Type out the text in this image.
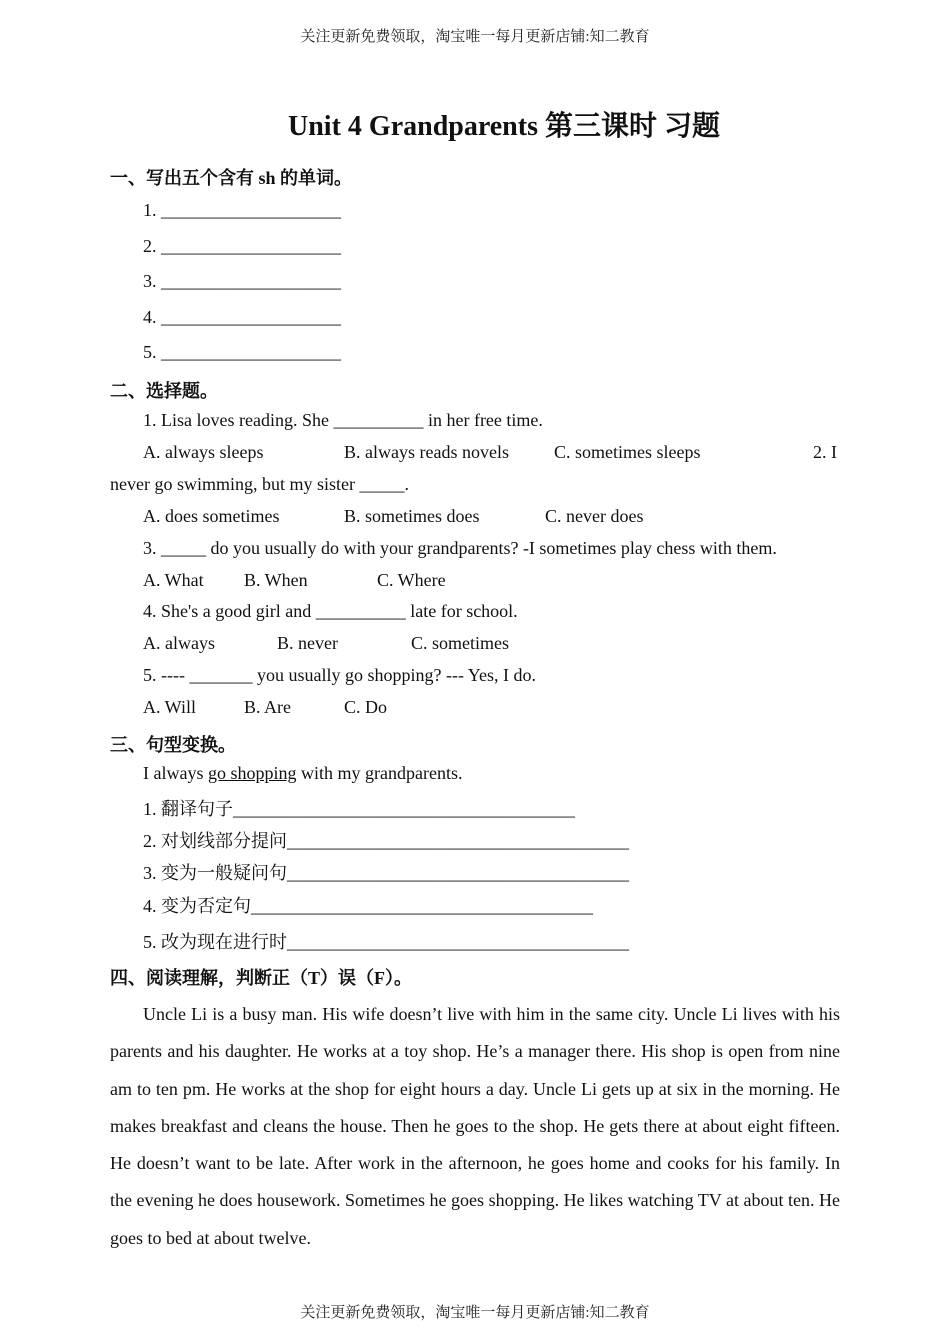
关注更新免费领取，淘宝唯一每月更新店铺:知二教育
Unit 4 Grandparents 第三课时 习题
一、写出五个含有 sh 的单词。
1. ____________________
2. ____________________
3. ____________________
4. ____________________
5. ____________________
二、选择题。
1. Lisa loves reading. She __________ in her free time.
A. always sleeps	B. always reads novels	C. sometimes sleeps	2. I
never go swimming, but my sister _____.
A. does sometimes	B. sometimes does	C. never does
3. _____ do you usually do with your grandparents? -I sometimes play chess with them.
A. What B. When	C. Where
4. She's a good girl and __________ late for school.
A. always	B. never	C. sometimes
5. ---- _______ you usually go shopping? --- Yes, I do.
A. Will	B. Are	C. Do
三、句型变换。
I always go shopping with my grandparents.
1. 翻译句子______________________________________
2. 对划线部分提问______________________________________
3. 变为一般疑问句______________________________________
4. 变为否定句______________________________________
5. 改为现在进行时______________________________________
四、阅读理解，判断正（T）误（F）。

Uncle Li is a busy man. His wife doesn’t live with him in the same city. Uncle Li lives with his parents and his daughter. He works at a toy shop. He’s a manager there. His shop is open from nine am to ten pm. He works at the shop for eight hours a day. Uncle Li gets up at six in the morning. He makes breakfast and cleans the house. Then he goes to the shop. He gets there at about eight fifteen. He doesn’t want to be late. After work in the afternoon, he goes home and cooks for his family. In the evening he does housework. Sometimes he goes shopping. He likes watching TV at about ten. He goes to bed at about twelve.

关注更新免费领取，淘宝唯一每月更新店铺:知二教育
